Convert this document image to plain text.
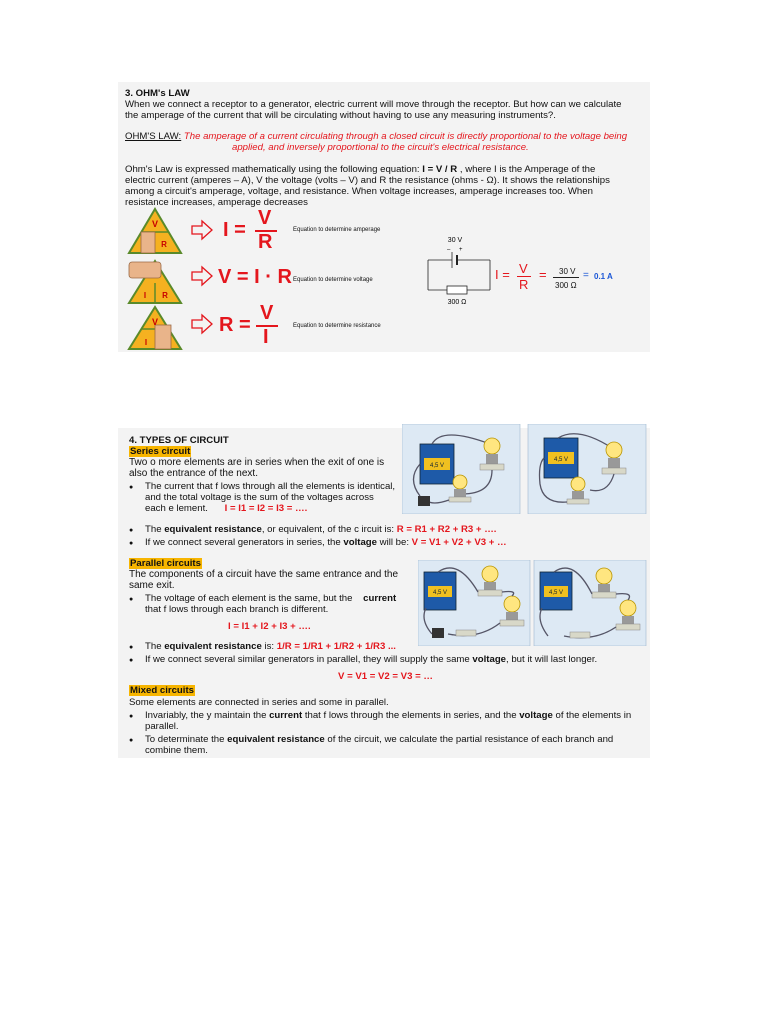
3. OHM's LAW
When we connect a receptor to a generator, electric current will move through the receptor. But how can we calculate
the amperage of the current that will be circulating without having to use any measuring instruments?.
OHM'S LAW: The amperage of a current circulating through a closed circuit is directly proportional to the voltage being
applied, and inversely proportional to the circuit's electrical resistance.
Ohm's Law is expressed mathematically using the following equation: I = V / R , where I is the Amperage of the
electric current (amperes – A), V the voltage (volts – V) and R the resistance (ohms - Ω). It shows the relationships
among a circuit's amperage, voltage, and resistance. When voltage increases, amperage increases too. When
resistance increases, amperage decreases
V
R
I R
V
I
I =
V
R
Equation to determine amperage
V = I · R Equation to determine voltage
R =
V
I	Equation to determine resistance
30 V
– +
300 Ω
I = V
R
= 30 V
300 Ω
= 0.1 A
4. TYPES OF CIRCUIT
Series circuit
Two o more elements are in series when the exit of one is
also the entrance of the next.
● The current that f lows through all the elements is identical,
and the total voltage is the sum of the voltages across
each e lement. I = I1 = I2 = I3 = ….
● The equivalent resistance, or equivalent, of the c ircuit is: R = R1 + R2 + R3 + ….
● If we connect several generators in series, the voltage will be: V = V1 + V2 + V3 + …
Parallel circuits
The components of a circuit have the same entrance and the
same exit.
● The voltage of each element is the same, but the current
that f lows through each branch is different.
I = I1 + I2 + I3 + ….
● The equivalent resistance is: 1/R = 1/R1 + 1/R2 + 1/R3 ...
● If we connect several similar generators in parallel, they will supply the same voltage, but it will last longer.
V = V1 = V2 = V3 = …
Mixed circuits
Some elements are connected in series and some in parallel.
● Invariably, the y maintain the current that f lows through the elements in series, and the voltage of the elements in
parallel.
● To determinate the equivalent resistance of the circuit, we calculate the partial resistance of each branch and
combine them.
4,5 V
4,5 V
4,5 V	4,5 V
